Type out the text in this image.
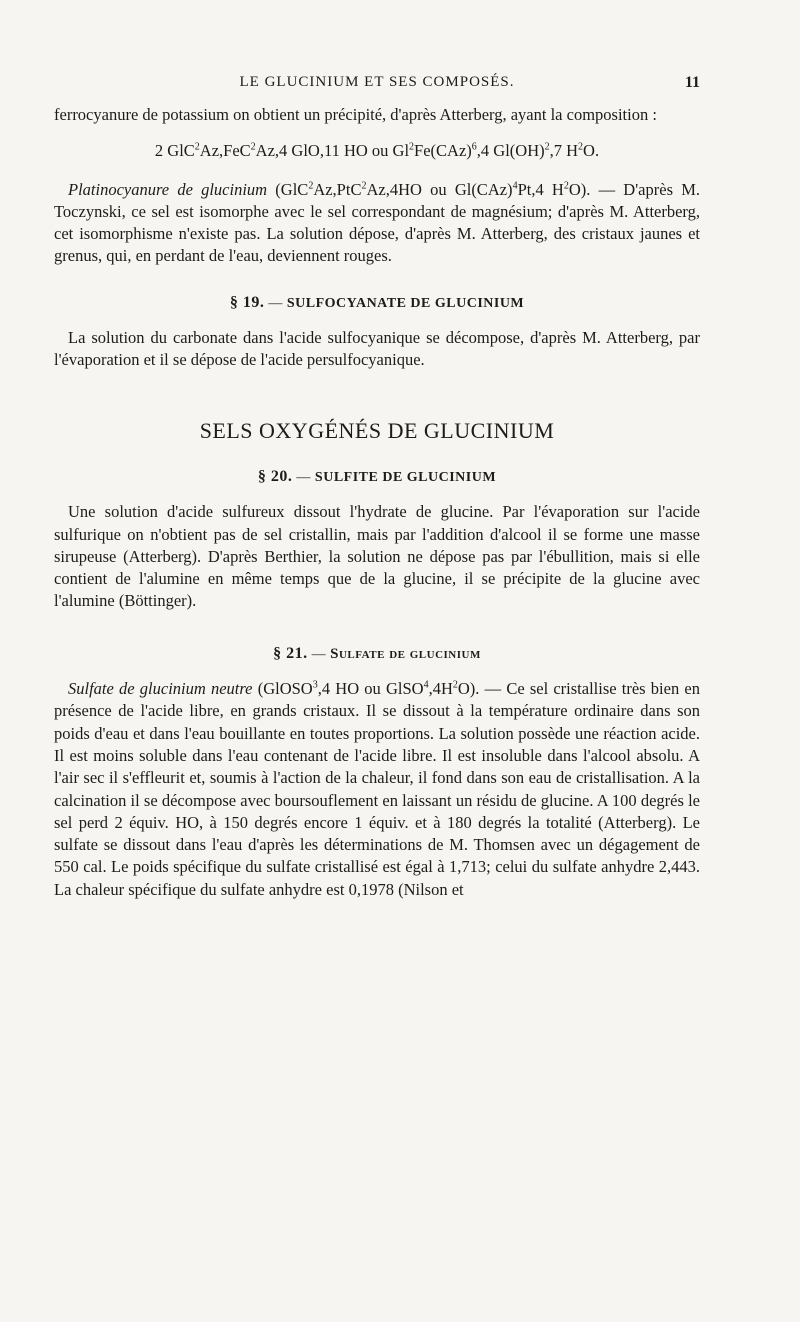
LE GLUCINIUM ET SES COMPOSÉS.	11

ferrocyanure de potassium on obtient un précipité, d'après Atterberg, ayant la composition :

2 GlC$^2$Az,FeC$^2$Az,4 GlO,11 HO ou Gl$^2$Fe(CAz)$^6$,4 Gl(OH)$^2$,7 $H^2O$.

Platinocyanure de glucinium (GlC$^2$Az,PtC$^2$Az,4HO ou Gl(CAz)$^4$Pt,4 $H^2O$). — D'après M. Toczynski, ce sel est isomorphe avec le sel correspondant de magnésium; d'après M. Atterberg, cet isomorphisme n'existe pas. La solution dépose, d'après M. Atterberg, des cristaux jaunes et grenus, qui, en perdant de l'eau, deviennent rouges.

§ 19. — SULFOCYANATE DE GLUCINIUM

La solution du carbonate dans l'acide sulfocyanique se décompose, d'après M. Atterberg, par l'évaporation et il se dépose de l'acide persulfocyanique.

SELS OXYGÉNÉS DE GLUCINIUM
§ 20. — SULFITE DE GLUCINIUM

Une solution d'acide sulfureux dissout l'hydrate de glucine. Par l'évaporation sur l'acide sulfurique on n'obtient pas de sel cristallin, mais par l'addition d'alcool il se forme une masse sirupeuse (Atterberg). D'après Berthier, la solution ne dépose pas par l'ébullition, mais si elle contient de l'alumine en même temps que de la glucine, il se précipite de la glucine avec l'alumine (Böttinger).

§ 21. — Sulfate de glucinium

Sulfate de glucinium neutre (GlOSO$^3$,4 HO ou $GlSO^4,4H^2O$). — Ce sel cristallise très bien en présence de l'acide libre, en grands cristaux. Il se dissout à la température ordinaire dans son poids d'eau et dans l'eau bouillante en toutes proportions. La solution possède une réaction acide. Il est moins soluble dans l'eau contenant de l'acide libre. Il est insoluble dans l'alcool absolu. A l'air sec il s'effleurit et, soumis à l'action de la chaleur, il fond dans son eau de cristallisation. A la calcination il se décompose avec boursouflement en laissant un résidu de glucine. A 100 degrés le sel perd 2 équiv. HO, à 150 degrés encore 1 équiv. et à 180 degrés la totalité (Atterberg). Le sulfate se dissout dans l'eau d'après les déterminations de M. Thomsen avec un dégagement de 550 cal. Le poids spécifique du sulfate cristallisé est égal à 1,713; celui du sulfate anhydre 2,443. La chaleur spécifique du sulfate anhydre est 0,1978 (Nilson et
